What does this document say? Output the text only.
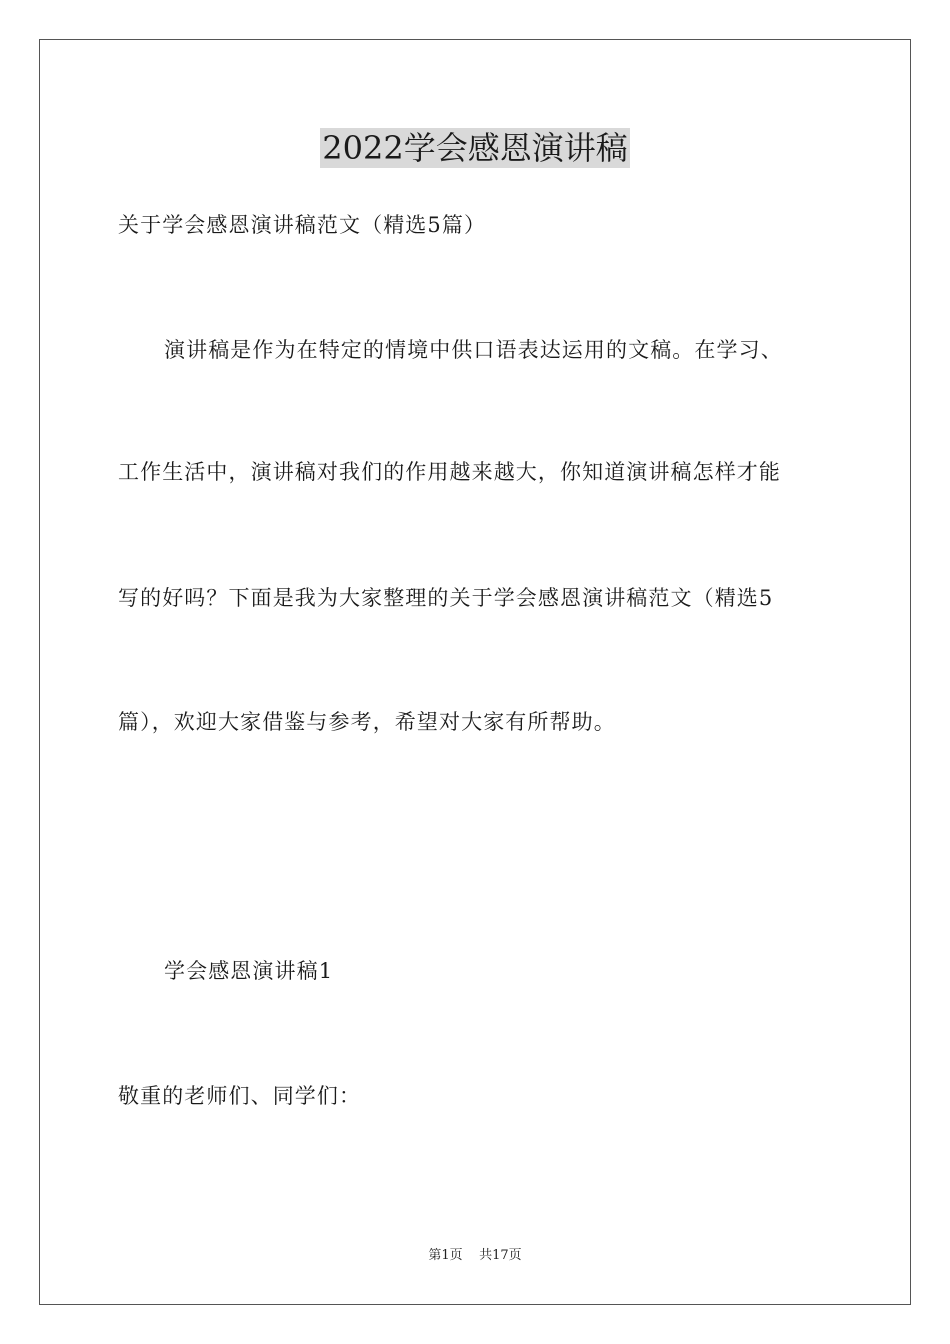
2022学会感恩演讲稿
关于学会感恩演讲稿范文（精选5篇）
演讲稿是作为在特定的情境中供口语表达运用的文稿。在学习、
工作生活中，演讲稿对我们的作用越来越大，你知道演讲稿怎样才能
写的好吗？下面是我为大家整理的关于学会感恩演讲稿范文（精选5
篇），欢迎大家借鉴与参考，希望对大家有所帮助。
学会感恩演讲稿1
敬重的老师们、同学们：
第1页 共17页
